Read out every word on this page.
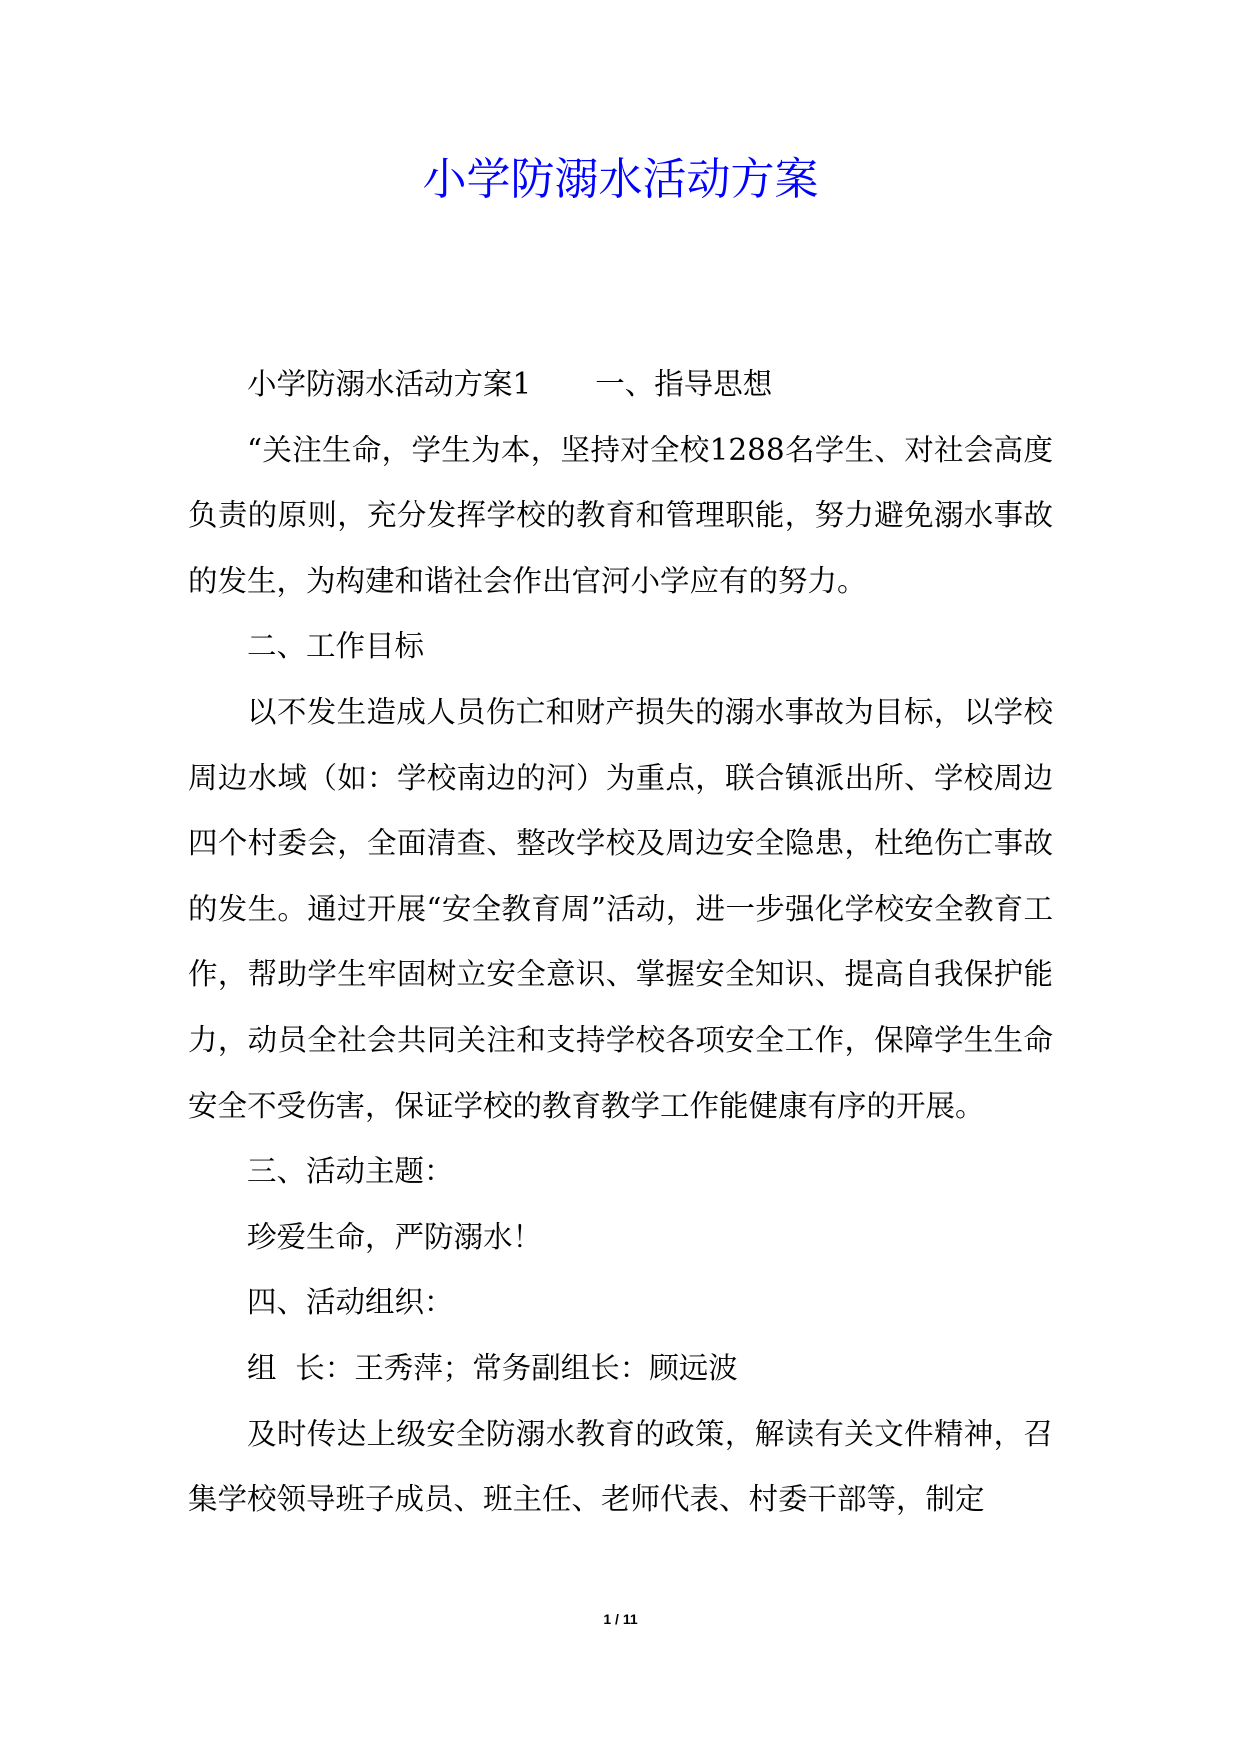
小学防溺水活动方案

小学防溺水活动方案1 一、指导思想

“关注生命，学生为本，坚持对全校1288名学生、对社会高度负责的原则，充分发挥学校的教育和管理职能，努力避免溺水事故的发生，为构建和谐社会作出官河小学应有的努力。

二、工作目标

以不发生造成人员伤亡和财产损失的溺水事故为目标，以学校周边水域（如：学校南边的河）为重点，联合镇派出所、学校周边四个村委会，全面清查、整改学校及周边安全隐患，杜绝伤亡事故的发生。通过开展“安全教育周”活动，进一步强化学校安全教育工作，帮助学生牢固树立安全意识、掌握安全知识、提高自我保护能力，动员全社会共同关注和支持学校各项安全工作，保障学生生命安全不受伤害，保证学校的教育教学工作能健康有序的开展。

三、活动主题：

珍爱生命，严防溺水！

四、活动组织：

组  长：王秀萍；常务副组长：顾远波

及时传达上级安全防溺水教育的政策，解读有关文件精神，召集学校领导班子成员、班主任、老师代表、村委干部等，制定

1 / 11
